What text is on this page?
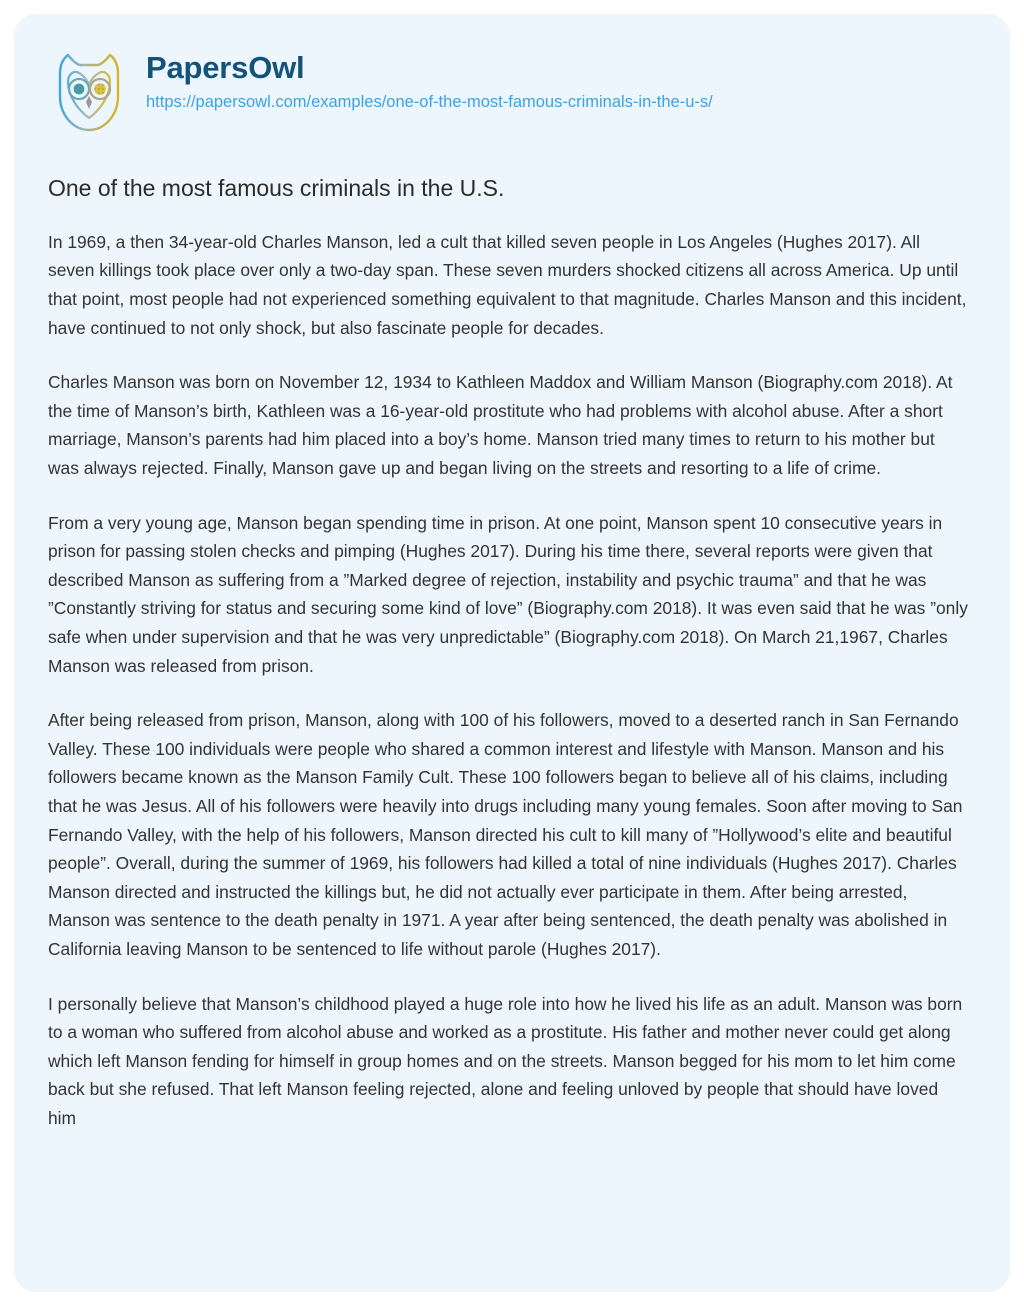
PapersOwl
https://papersowl.com/examples/one-of-the-most-famous-criminals-in-the-u-s/
One of the most famous criminals in the U.S.

In 1969, a then 34-year-old Charles Manson, led a cult that killed seven people in Los Angeles (Hughes 2017). All seven killings took place over only a two-day span. These seven murders shocked citizens all across America. Up until that point, most people had not experienced something equivalent to that magnitude. Charles Manson and this incident, have continued to not only shock, but also fascinate people for decades.

Charles Manson was born on November 12, 1934 to Kathleen Maddox and William Manson (Biography.com 2018). At the time of Manson’s birth, Kathleen was a 16-year-old prostitute who had problems with alcohol abuse. After a short marriage, Manson’s parents had him placed into a boy’s home. Manson tried many times to return to his mother but was always rejected. Finally, Manson gave up and began living on the streets and resorting to a life of crime.

From a very young age, Manson began spending time in prison. At one point, Manson spent 10 consecutive years in prison for passing stolen checks and pimping (Hughes 2017). During his time there, several reports were given that described Manson as suffering from a ”Marked degree of rejection, instability and psychic trauma” and that he was ”Constantly striving for status and securing some kind of love” (Biography.com 2018). It was even said that he was ”only safe when under supervision and that he was very unpredictable” (Biography.com 2018). On March 21,1967, Charles Manson was released from prison.

After being released from prison, Manson, along with 100 of his followers, moved to a deserted ranch in San Fernando Valley. These 100 individuals were people who shared a common interest and lifestyle with Manson. Manson and his followers became known as the Manson Family Cult. These 100 followers began to believe all of his claims, including that he was Jesus. All of his followers were heavily into drugs including many young females. Soon after moving to San Fernando Valley, with the help of his followers, Manson directed his cult to kill many of ”Hollywood’s elite and beautiful people”. Overall, during the summer of 1969, his followers had killed a total of nine individuals (Hughes 2017). Charles Manson directed and instructed the killings but, he did not actually ever participate in them. After being arrested, Manson was sentence to the death penalty in 1971. A year after being sentenced, the death penalty was abolished in California leaving Manson to be sentenced to life without parole (Hughes 2017).

I personally believe that Manson’s childhood played a huge role into how he lived his life as an adult. Manson was born to a woman who suffered from alcohol abuse and worked as a prostitute. His father and mother never could get along which left Manson fending for himself in group homes and on the streets. Manson begged for his mom to let him come back but she refused. That left Manson feeling rejected, alone and feeling unloved by people that should have loved him
